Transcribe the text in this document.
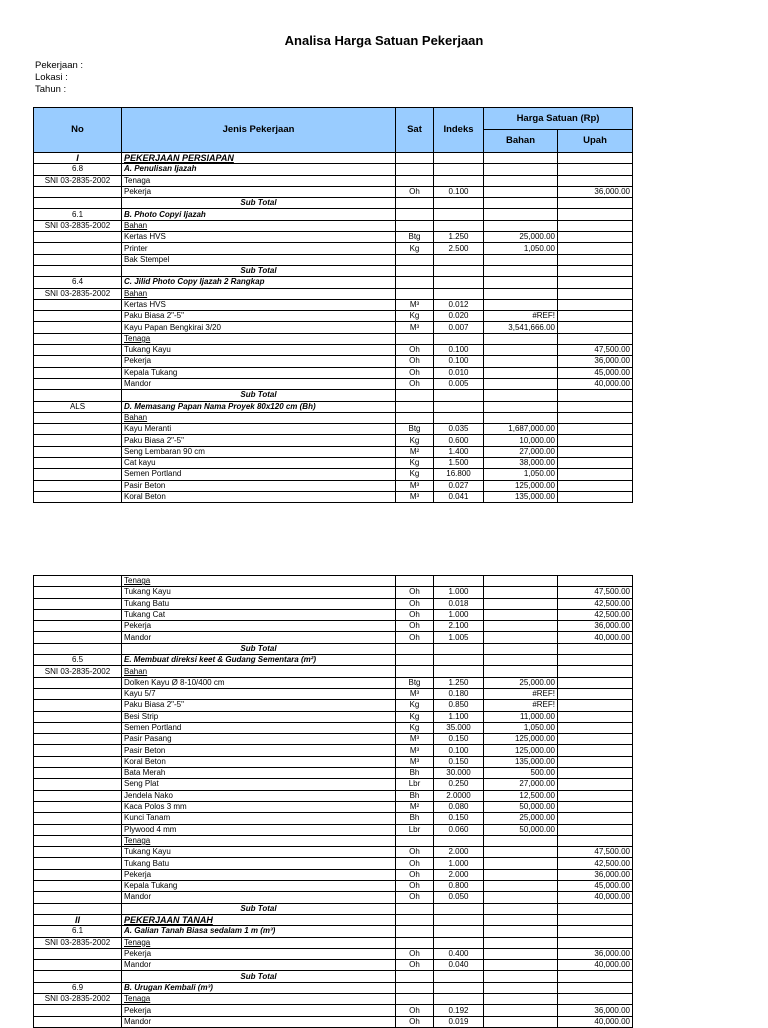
Analisa Harga Satuan Pekerjaan
Pekerjaan :
Lokasi :
Tahun :
No	Jenis Pekerjaan	Sat	Indeks	Harga Satuan (Rp)	
				Bahan	Upah
I	PEKERJAAN PERSIAPAN				
6.8	A. Penulisan Ijazah				
SNI 03-2835-2002	Tenaga				
	Pekerja	Oh	0.100		36,000.00
	Sub Total				
6.1	B. Photo Copyi Ijazah				
SNI 03-2835-2002	Bahan				
	Kertas HVS	Btg	1.250	25,000.00	
	Printer	Kg	2.500	1,050.00	
	Bak Stempel				
	Sub Total				
6.4	C. Jilid Photo Copy Ijazah 2 Rangkap				
SNI 03-2835-2002	Bahan				
	Kertas HVS	M³	0.012		
	Paku Biasa 2"-5"	Kg	0.020	#REF!	
	Kayu Papan Bengkirai 3/20	M³	0.007	3,541,666.00	
	Tenaga				
	Tukang Kayu	Oh	0.100		47,500.00
	Pekerja	Oh	0.100		36,000.00
	Kepala Tukang	Oh	0.010		45,000.00
	Mandor	Oh	0.005		40,000.00
	Sub Total				
ALS	D. Memasang Papan Nama Proyek 80x120 cm (Bh)				
	Bahan				
	Kayu Meranti	Btg	0.035	1,687,000.00	
	Paku Biasa 2"-5"	Kg	0.600	10,000.00	
	Seng Lembaran 90 cm	M²	1.400	27,000.00	
	Cat kayu	Kg	1.500	38,000.00	
	Semen Portland	Kg	16.800	1,050.00	
	Pasir Beton	M³	0.027	125,000.00	
	Koral Beton	M³	0.041	135,000.00	
	Tenaga				
	Tukang Kayu	Oh	1.000		47,500.00
	Tukang Batu	Oh	0.018		42,500.00
	Tukang Cat	Oh	1.000		42,500.00
	Pekerja	Oh	2.100		36,000.00
	Mandor	Oh	1.005		40,000.00
	Sub Total				
6.5	E. Membuat direksi keet & Gudang Sementara (m²)				
SNI 03-2835-2002	Bahan				
	Dolken Kayu Ø 8-10/400 cm	Btg	1.250	25,000.00	
	Kayu 5/7	M³	0.180	#REF!	
	Paku Biasa 2"-5"	Kg	0.850	#REF!	
	Besi Strip	Kg	1.100	11,000.00	
	Semen Portland	Kg	35.000	1,050.00	
	Pasir Pasang	M³	0.150	125,000.00	
	Pasir Beton	M³	0.100	125,000.00	
	Koral Beton	M³	0.150	135,000.00	
	Bata Merah	Bh	30.000	500.00	
	Seng Plat	Lbr	0.250	27,000.00	
	Jendela Nako	Bh	2.0000	12,500.00	
	Kaca Polos 3 mm	M²	0.080	50,000.00	
	Kunci Tanam	Bh	0.150	25,000.00	
	Plywood 4 mm	Lbr	0.060	50,000.00	
	Tenaga				
	Tukang Kayu	Oh	2.000		47,500.00
	Tukang Batu	Oh	1.000		42,500.00
	Pekerja	Oh	2.000		36,000.00
	Kepala Tukang	Oh	0.800		45,000.00
	Mandor	Oh	0.050		40,000.00
	Sub Total				
II	PEKERJAAN TANAH				
6.1	A. Galian Tanah Biasa sedalam 1 m (m³)				
SNI 03-2835-2002	Tenaga				
	Pekerja	Oh	0.400		36,000.00
	Mandor	Oh	0.040		40,000.00
	Sub Total				
6.9	B. Urugan Kembali (m³)				
SNI 03-2835-2002	Tenaga				
	Pekerja	Oh	0.192		36,000.00
	Mandor	Oh	0.019		40,000.00
